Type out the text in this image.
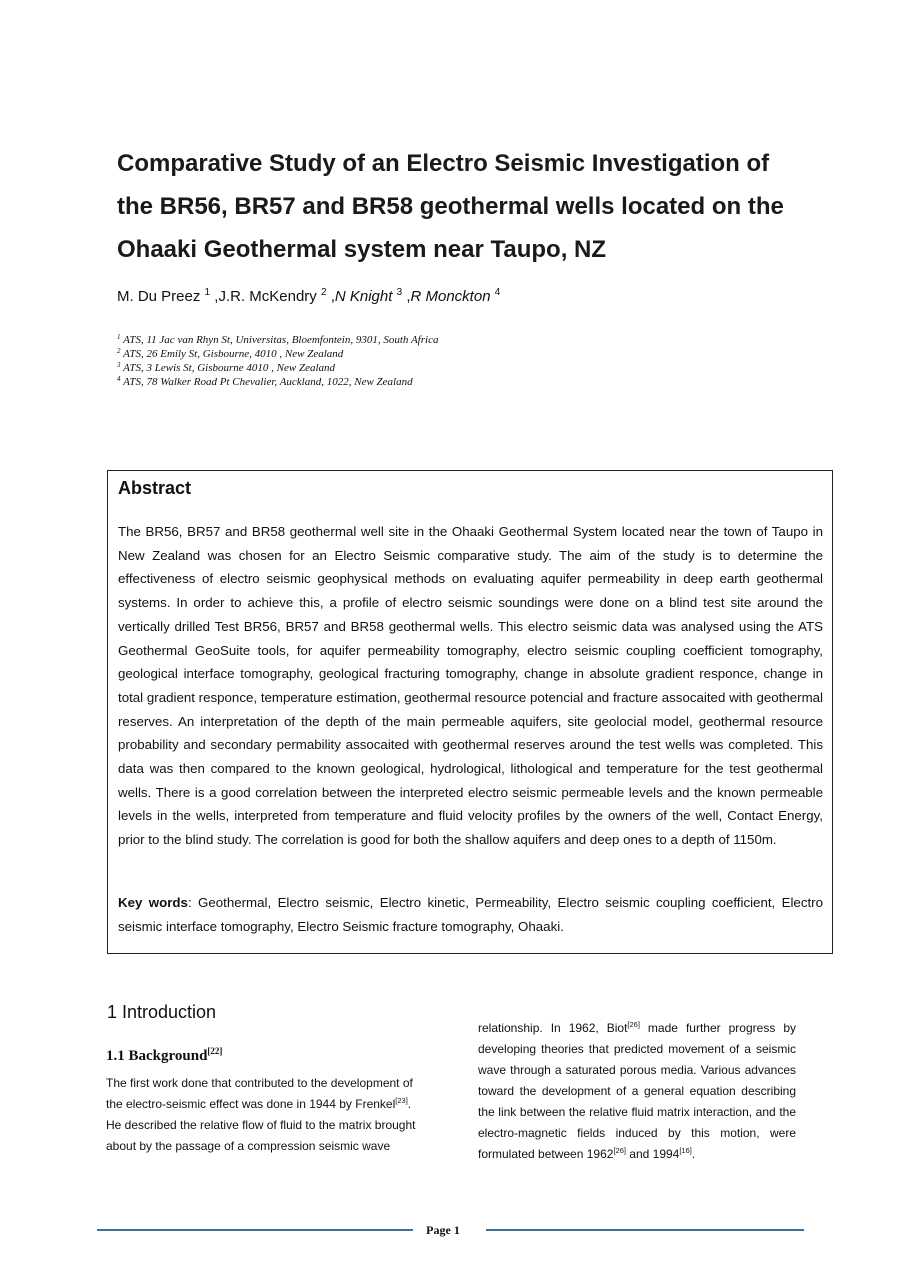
Comparative Study of an Electro Seismic Investigation of
the BR56, BR57 and BR58 geothermal wells located on the
Ohaaki Geothermal system near Taupo, NZ
M. Du Preez $^1$ ,J.R. McKendry $^2$ ,N Knight $^3$ ,R Monckton $^4$
$^1$ ATS, 11 Jac van Rhyn St, Universitas, Bloemfontein, 9301, South Africa
$^2$ ATS, 26 Emily St, Gisbourne, 4010 , New Zealand
$^3$ ATS, 3 Lewis St, Gisbourne 4010 , New Zealand
$^4$ ATS, 78 Walker Road Pt Chevalier, Auckland, 1022, New Zealand
Abstract
The BR56, BR57 and BR58 geothermal well site in the Ohaaki Geothermal System located near the town of Taupo in New Zealand was chosen for an Electro Seismic comparative study. The aim of the study is to determine the effectiveness of electro seismic geophysical methods on evaluating aquifer permeability in deep earth geothermal systems. In order to achieve this, a profile of electro seismic soundings were done on a blind test site around the vertically drilled Test BR56, BR57 and BR58 geothermal wells. This electro seismic data was analysed using the ATS Geothermal GeoSuite tools, for aquifer permeability tomography, electro seismic coupling coefficient tomography, geological interface tomography, geological fracturing tomography, change in absolute gradient responce, change in total gradient responce, temperature estimation, geothermal resource potencial and fracture assocaited with geothermal reserves. An interpretation of the depth of the main permeable aquifers, site geolocial model, geothermal resource probability and secondary permability assocaited with geothermal reserves around the test wells was completed. This data was then compared to the known geological, hydrological, lithological and temperature for the test geothermal wells. There is a good correlation between the interpreted electro seismic permeable levels and the known permeable levels in the wells, interpreted from temperature and fluid velocity profiles by the owners of the well, Contact Energy, prior to the blind study. The correlation is good for both the shallow aquifers and deep ones to a depth of 1150m.
Key words: Geothermal, Electro seismic, Electro kinetic, Permeability, Electro seismic coupling coefficient, Electro seismic interface tomography, Electro Seismic fracture tomography, Ohaaki.
1 Introduction
1.1 Background[22]
The first work done that contributed to the development of the electro-seismic effect was done in 1944 by Frenkel[23]. He described the relative flow of fluid to the matrix brought about by the passage of a compression seismic wave
relationship. In 1962, Biot[26] made further progress by developing theories that predicted movement of a seismic wave through a saturated porous media. Various advances toward the development of a general equation describing the link between the relative fluid matrix interaction, and the electro-magnetic fields induced by this motion, were formulated between 1962[26] and 1994[16].
Page 1
